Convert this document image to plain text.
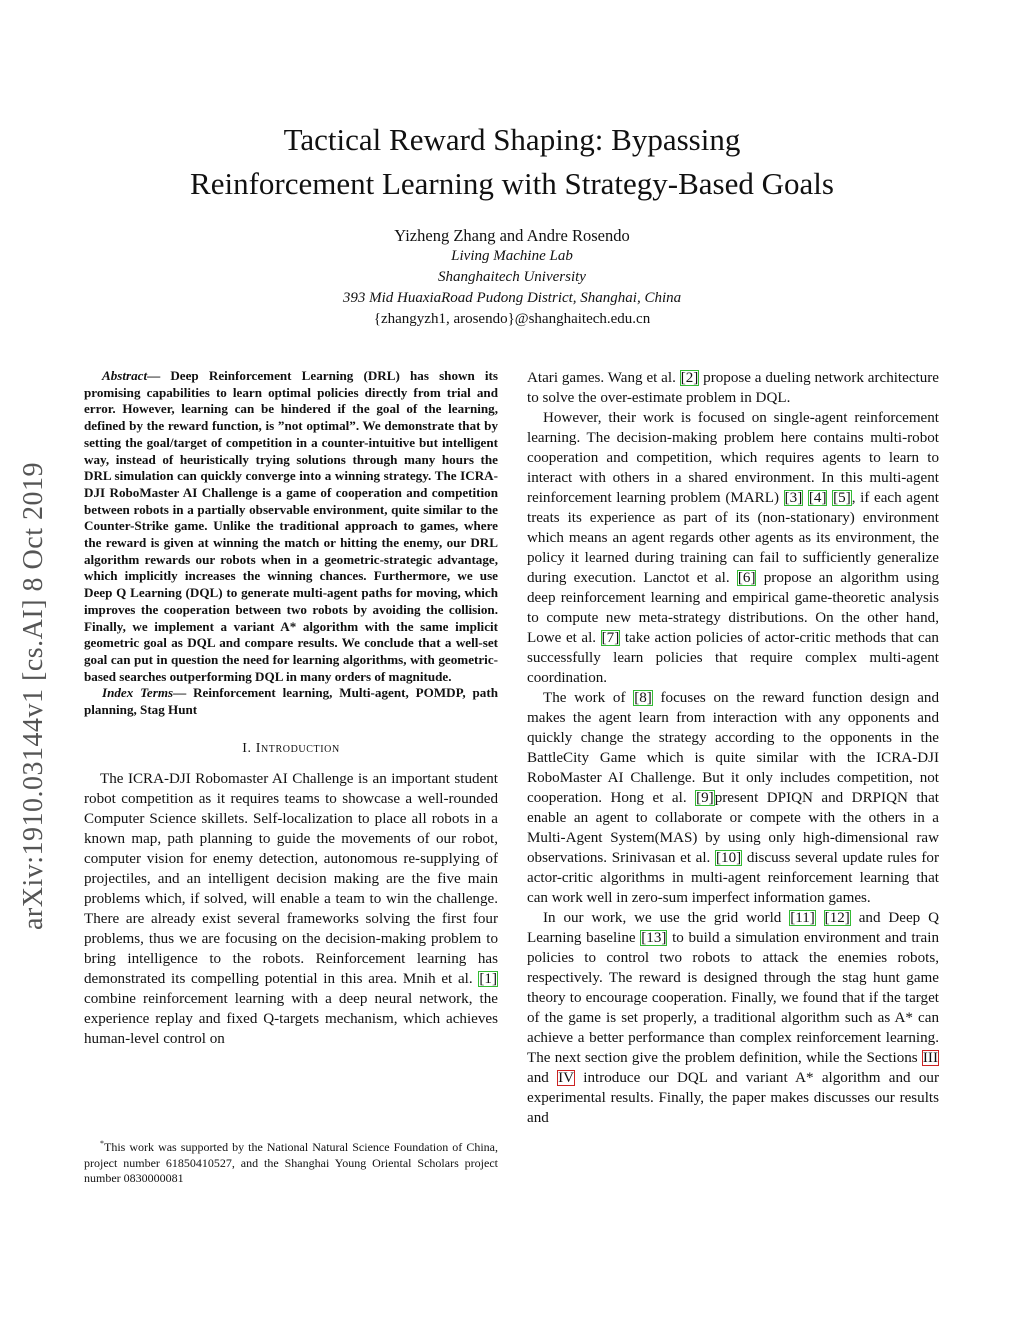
Tactical Reward Shaping: Bypassing
Reinforcement Learning with Strategy-Based Goals
Yizheng Zhang and Andre Rosendo
Living Machine Lab
Shanghaitech University
393 Mid HuaxiaRoad Pudong District, Shanghai, China
{zhangyzh1, arosendo}@shanghaitech.edu.cn
arXiv:1910.03144v1 [cs.AI] 8 Oct 2019

Abstract— Deep Reinforcement Learning (DRL) has shown its promising capabilities to learn optimal policies directly from trial and error. However, learning can be hindered if the goal of the learning, defined by the reward function, is ”not optimal”. We demonstrate that by setting the goal/target of competition in a counter-intuitive but intelligent way, instead of heuristically trying solutions through many hours the DRL simulation can quickly converge into a winning strategy. The ICRA-DJI RoboMaster AI Challenge is a game of cooperation and competition between robots in a partially observable environment, quite similar to the Counter-Strike game. Unlike the traditional approach to games, where the reward is given at winning the match or hitting the enemy, our DRL algorithm rewards our robots when in a geometric-strategic advantage, which implicitly increases the winning chances. Furthermore, we use Deep Q Learning (DQL) to generate multi-agent paths for moving, which improves the cooperation between two robots by avoiding the collision. Finally, we implement a variant A* algorithm with the same implicit geometric goal as DQL and compare results. We conclude that a well-set goal can put in question the need for learning algorithms, with geometric-based searches outperforming DQL in many orders of magnitude.

Index Terms— Reinforcement learning, Multi-agent, POMDP, path planning, Stag Hunt

I. Introduction

The ICRA-DJI Robomaster AI Challenge is an important student robot competition as it requires teams to showcase a well-rounded Computer Science skillets. Self-localization to place all robots in a known map, path planning to guide the movements of our robot, computer vision for enemy detection, autonomous re-supplying of projectiles, and an intelligent decision making are the five main problems which, if solved, will enable a team to win the challenge. There are already exist several frameworks solving the first four problems, thus we are focusing on the decision-making problem to bring intelligence to the robots. Reinforcement learning has demonstrated its compelling potential in this area. Mnih et al. [1] combine reinforcement learning with a deep neural network, the experience replay and fixed Q-targets mechanism, which achieves human-level control on

*This work was supported by the National Natural Science Foundation of China, project number 61850410527, and the Shanghai Young Oriental Scholars project number 0830000081

Atari games. Wang et al. [2] propose a dueling network architecture to solve the over-estimate problem in DQL.

However, their work is focused on single-agent reinforcement learning. The decision-making problem here contains multi-robot cooperation and competition, which requires agents to learn to interact with others in a shared environment. In this multi-agent reinforcement learning problem (MARL) [3] [4] [5], if each agent treats its experience as part of its (non-stationary) environment which means an agent regards other agents as its environment, the policy it learned during training can fail to sufficiently generalize during execution. Lanctot et al. [6] propose an algorithm using deep reinforcement learning and empirical game-theoretic analysis to compute new meta-strategy distributions. On the other hand, Lowe et al. [7] take action policies of actor-critic methods that can successfully learn policies that require complex multi-agent coordination.

The work of [8] focuses on the reward function design and makes the agent learn from interaction with any opponents and quickly change the strategy according to the opponents in the BattleCity Game which is quite similar with the ICRA-DJI RoboMaster AI Challenge. But it only includes competition, not cooperation. Hong et al. [9]present DPIQN and DRPIQN that enable an agent to collaborate or compete with the others in a Multi-Agent System(MAS) by using only high-dimensional raw observations. Srinivasan et al. [10] discuss several update rules for actor-critic algorithms in multi-agent reinforcement learning that can work well in zero-sum imperfect information games.

In our work, we use the grid world [11] [12] and Deep Q Learning baseline [13] to build a simulation environment and train policies to control two robots to attack the enemies robots, respectively. The reward is designed through the stag hunt game theory to encourage cooperation. Finally, we found that if the target of the game is set properly, a traditional algorithm such as A* can achieve a better performance than complex reinforcement learning. The next section give the problem definition, while the Sections III and IV introduce our DQL and variant A* algorithm and our experimental results. Finally, the paper makes discusses our results and
